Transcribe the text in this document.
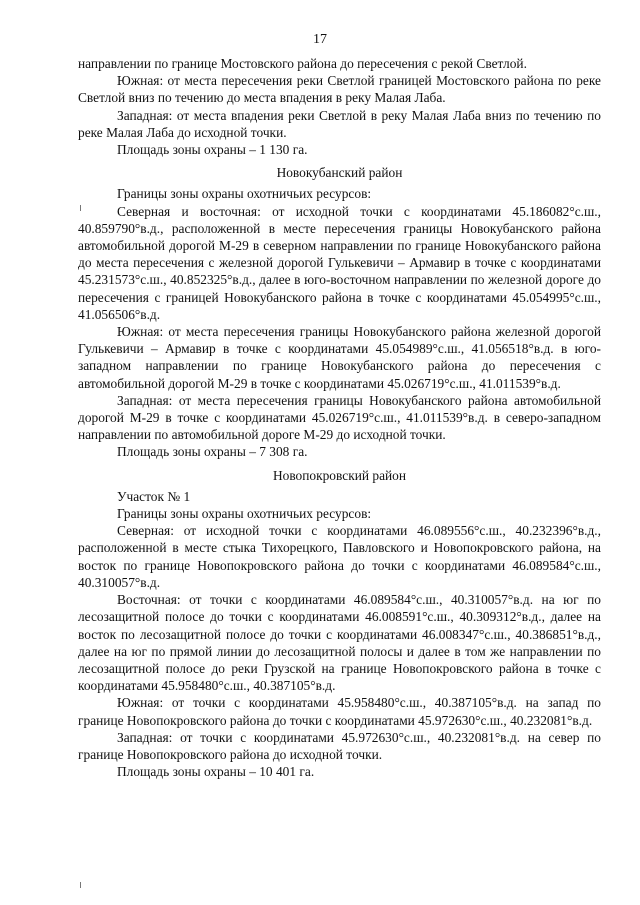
17

направлении по границе Мостовского района до пересечения с рекой Светлой.

Южная: от места пересечения реки Светлой границей Мостовского района по реке Светлой вниз по течению до места впадения в реку Малая Лаба.

Западная: от места впадения реки Светлой в реку Малая Лаба вниз по течению по реке Малая Лаба до исходной точки.

Площадь зоны охраны – 1 130 га.

Новокубанский район

Границы зоны охраны охотничьих ресурсов:

Северная и восточная: от исходной точки с координатами 45.186082°с.ш., 40.859790°в.д., расположенной в месте пересечения границы Новокубанского района автомобильной дорогой М-29 в северном направлении по границе Новокубанского района до места пересечения с железной дорогой Гулькевичи – Армавир в точке с координатами 45.231573°с.ш., 40.852325°в.д., далее в юго-восточном направлении по железной дороге до пересечения с границей Новокубанского района в точке с координатами 45.054995°с.ш., 41.056506°в.д.

Южная: от места пересечения границы Новокубанского района железной дорогой Гулькевичи – Армавир в точке с координатами 45.054989°с.ш., 41.056518°в.д. в юго-западном направлении по границе Новокубанского района до пересечения с автомобильной дорогой М-29 в точке с координатами 45.026719°с.ш., 41.011539°в.д.

Западная: от места пересечения границы Новокубанского района автомобильной дорогой М-29 в точке с координатами 45.026719°с.ш., 41.011539°в.д. в северо-западном направлении по автомобильной дороге М-29 до исходной точки.

Площадь зоны охраны – 7 308 га.

Новопокровский район

Участок № 1

Границы зоны охраны охотничьих ресурсов:

Северная: от исходной точки с координатами 46.089556°с.ш., 40.232396°в.д., расположенной в месте стыка Тихорецкого, Павловского и Новопокровского района, на восток по границе Новопокровского района до точки с координатами 46.089584°с.ш., 40.310057°в.д.

Восточная: от точки с координатами 46.089584°с.ш., 40.310057°в.д. на юг по лесозащитной полосе до точки с координатами 46.008591°с.ш., 40.309312°в.д., далее на восток по лесозащитной полосе до точки с координатами 46.008347°с.ш., 40.386851°в.д., далее на юг по прямой линии до лесозащитной полосы и далее в том же направлении по лесозащитной полосе до реки Грузской на границе Новопокровского района в точке с координатами 45.958480°с.ш., 40.387105°в.д.

Южная: от точки с координатами 45.958480°с.ш., 40.387105°в.д. на запад по границе Новопокровского района до точки с координатами 45.972630°с.ш., 40.232081°в.д.

Западная: от точки с координатами 45.972630°с.ш., 40.232081°в.д. на север по границе Новопокровского района до исходной точки.

Площадь зоны охраны – 10 401 га.
